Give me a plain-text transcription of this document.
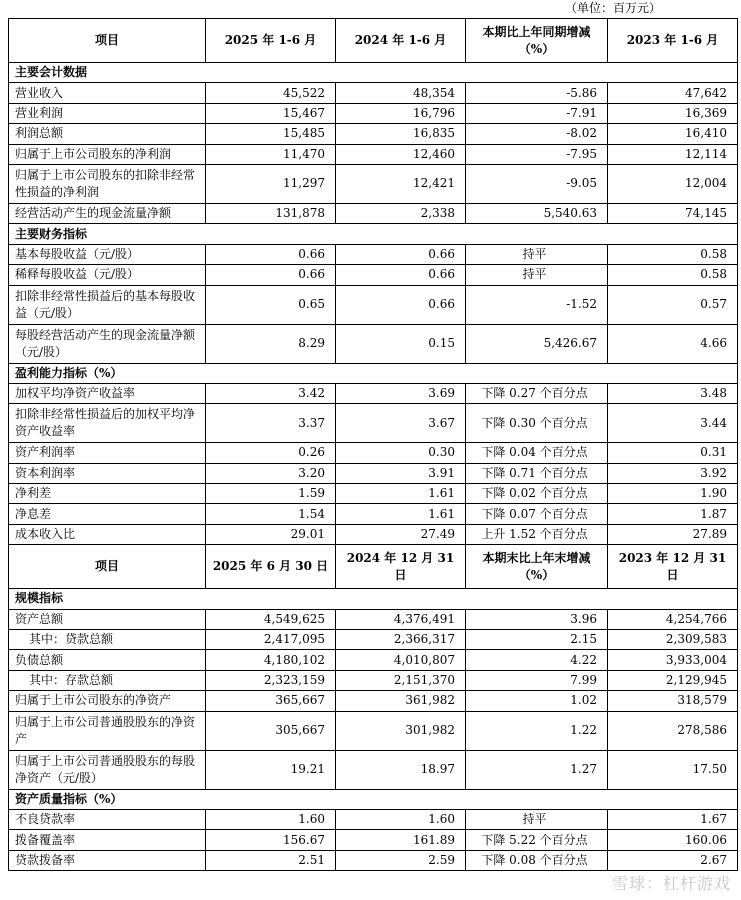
（单位：百万元）
项目	2025 年 1-6 月	2024 年 1-6 月	本期比上年同期增减（%）	2023 年 1-6 月
主要会计数据				
营业收入	45,522	48,354	-5.86	47,642
营业利润	15,467	16,796	-7.91	16,369
利润总额	15,485	16,835	-8.02	16,410
归属于上市公司股东的净利润	11,470	12,460	-7.95	12,114
归属于上市公司股东的扣除非经常性损益的净利润	11,297	12,421	-9.05	12,004
经营活动产生的现金流量净额	131,878	2,338	5,540.63	74,145
主要财务指标				
基本每股收益（元/股）	0.66	0.66	持平	0.58
稀释每股收益（元/股）	0.66	0.66	持平	0.58
扣除非经常性损益后的基本每股收益（元/股）	0.65	0.66	-1.52	0.57
每股经营活动产生的现金流量净额（元/股）	8.29	0.15	5,426.67	4.66
盈利能力指标（%）				
加权平均净资产收益率	3.42	3.69	下降 0.27 个百分点	3.48
扣除非经常性损益后的加权平均净资产收益率	3.37	3.67	下降 0.30 个百分点	3.44
资产利润率	0.26	0.30	下降 0.04 个百分点	0.31
资本利润率	3.20	3.91	下降 0.71 个百分点	3.92
净利差	1.59	1.61	下降 0.02 个百分点	1.90
净息差	1.54	1.61	下降 0.07 个百分点	1.87
成本收入比	29.01	27.49	上升 1.52 个百分点	27.89
项目	2025 年 6 月 30 日	2024 年 12 月 31 日	本期末比上年末增减（%）	2023 年 12 月 31 日
规模指标				
资产总额	4,549,625	4,376,491	3.96	4,254,766
其中：贷款总额	2,417,095	2,366,317	2.15	2,309,583
负债总额	4,180,102	4,010,807	4.22	3,933,004
其中：存款总额	2,323,159	2,151,370	7.99	2,129,945
归属于上市公司股东的净资产	365,667	361,982	1.02	318,579
归属于上市公司普通股股东的净资产	305,667	301,982	1.22	278,586
归属于上市公司普通股股东的每股净资产（元/股）	19.21	18.97	1.27	17.50
资产质量指标（%）				
不良贷款率	1.60	1.60	持平	1.67
拨备覆盖率	156.67	161.89	下降 5.22 个百分点	160.06
贷款拨备率	2.51	2.59	下降 0.08 个百分点	2.67
雪球：杠杆游戏
